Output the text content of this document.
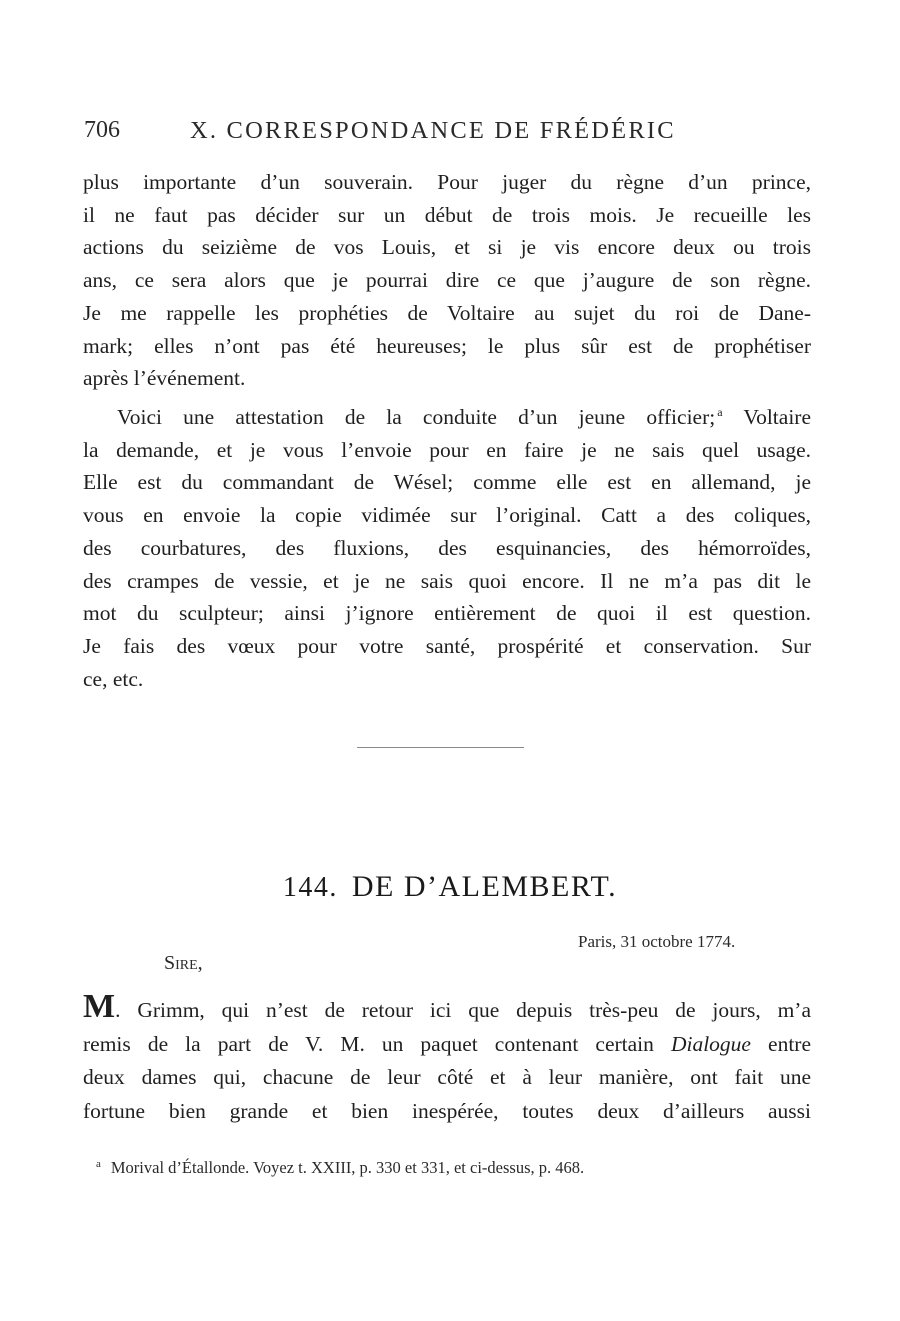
706	X. CORRESPONDANCE DE FRÉDÉRIC
plus importante d’un souverain. Pour juger du règne d’un prince,
il ne faut pas décider sur un début de trois mois. Je recueille les
actions du seizième de vos Louis, et si je vis encore deux ou trois
ans, ce sera alors que je pourrai dire ce que j’augure de son règne.
Je me rappelle les prophéties de Voltaire au sujet du roi de Dane-
mark; elles n’ont pas été heureuses; le plus sûr est de prophétiser
après l’événement.
Voici une attestation de la conduite d’un jeune officier; $^a$ Voltaire
la demande, et je vous l’envoie pour en faire je ne sais quel usage.
Elle est du commandant de Wésel; comme elle est en allemand, je
vous en envoie la copie vidimée sur l’original. Catt a des coliques,
des courbatures, des fluxions, des esquinancies, des hémorroïdes,
des crampes de vessie, et je ne sais quoi encore. Il ne m’a pas dit le
mot du sculpteur; ainsi j’ignore entièrement de quoi il est question.
Je fais des vœux pour votre santé, prospérité et conservation. Sur
ce, etc.
144. DE D’ALEMBERT.
Paris, 31 octobre 1774.
Sire,
M. Grimm, qui n’est de retour ici que depuis très-peu de jours, m’a
remis de la part de V. M. un paquet contenant certain Dialogue entre
deux dames qui, chacune de leur côté et à leur manière, ont fait une
fortune bien grande et bien inespérée, toutes deux d’ailleurs aussi
$^a$ Morival d’Étallonde. Voyez t. XXIII, p. 330 et 331, et ci-dessus, p. 468.
